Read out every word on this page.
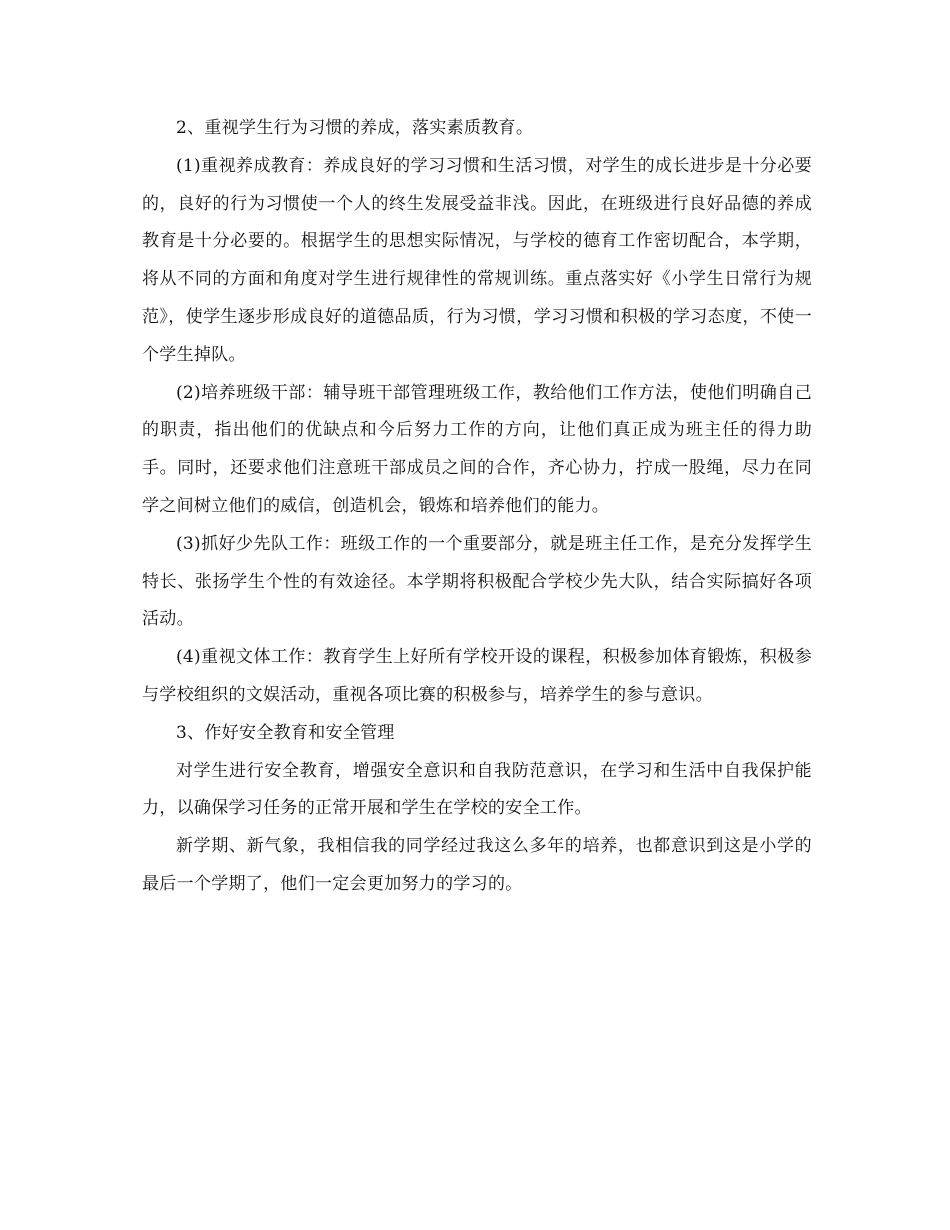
2、重视学生行为习惯的养成，落实素质教育。

(1)重视养成教育：养成良好的学习习惯和生活习惯，对学生的成长进步是十分必要的，良好的行为习惯使一个人的终生发展受益非浅。因此，在班级进行良好品德的养成教育是十分必要的。根据学生的思想实际情况，与学校的德育工作密切配合，本学期，将从不同的方面和角度对学生进行规律性的常规训练。重点落实好《小学生日常行为规范》，使学生逐步形成良好的道德品质，行为习惯，学习习惯和积极的学习态度，不使一个学生掉队。

(2)培养班级干部：辅导班干部管理班级工作，教给他们工作方法，使他们明确自己的职责，指出他们的优缺点和今后努力工作的方向，让他们真正成为班主任的得力助手。同时，还要求他们注意班干部成员之间的合作，齐心协力，拧成一股绳，尽力在同学之间树立他们的威信，创造机会，锻炼和培养他们的能力。

(3)抓好少先队工作：班级工作的一个重要部分，就是班主任工作，是充分发挥学生特长、张扬学生个性的有效途径。本学期将积极配合学校少先大队，结合实际搞好各项活动。

(4)重视文体工作：教育学生上好所有学校开设的课程，积极参加体育锻炼，积极参与学校组织的文娱活动，重视各项比赛的积极参与，培养学生的参与意识。

3、作好安全教育和安全管理

对学生进行安全教育，增强安全意识和自我防范意识，在学习和生活中自我保护能力，以确保学习任务的正常开展和学生在学校的安全工作。

新学期、新气象，我相信我的同学经过我这么多年的培养，也都意识到这是小学的最后一个学期了，他们一定会更加努力的学习的。
